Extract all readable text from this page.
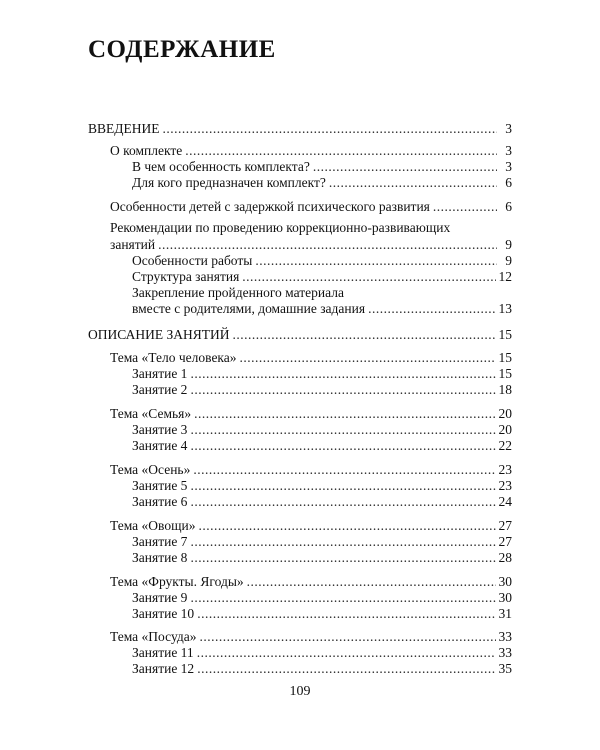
СОДЕРЖАНИЕ
ВВЕДЕНИЕ .....	3
О комплекте .....	3
В чем особенность комплекта? .....	3
Для кого предназначен комплект? .....	6
Особенности детей с задержкой психического развития .....	6
Рекомендации по проведению коррекционно-развивающих
занятий .....	9
Особенности работы .....	9
Структура занятия .....	12
Закрепление пройденного материала
вместе с родителями, домашние задания .....	13
ОПИСАНИЕ ЗАНЯТИЙ .....	15
Тема «Тело человека» .....	15
Занятие 1 .....	15
Занятие 2 .....	18
Тема «Семья» .....	20
Занятие 3 .....	20
Занятие 4 .....	22
Тема «Осень» .....	23
Занятие 5 .....	23
Занятие 6 .....	24
Тема «Овощи» .....	27
Занятие 7 .....	27
Занятие 8 .....	28
Тема «Фрукты. Ягоды» .....	30
Занятие 9 .....	30
Занятие 10 .....	31
Тема «Посуда» .....	33
Занятие 11 .....	33
Занятие 12 .....	35
109
